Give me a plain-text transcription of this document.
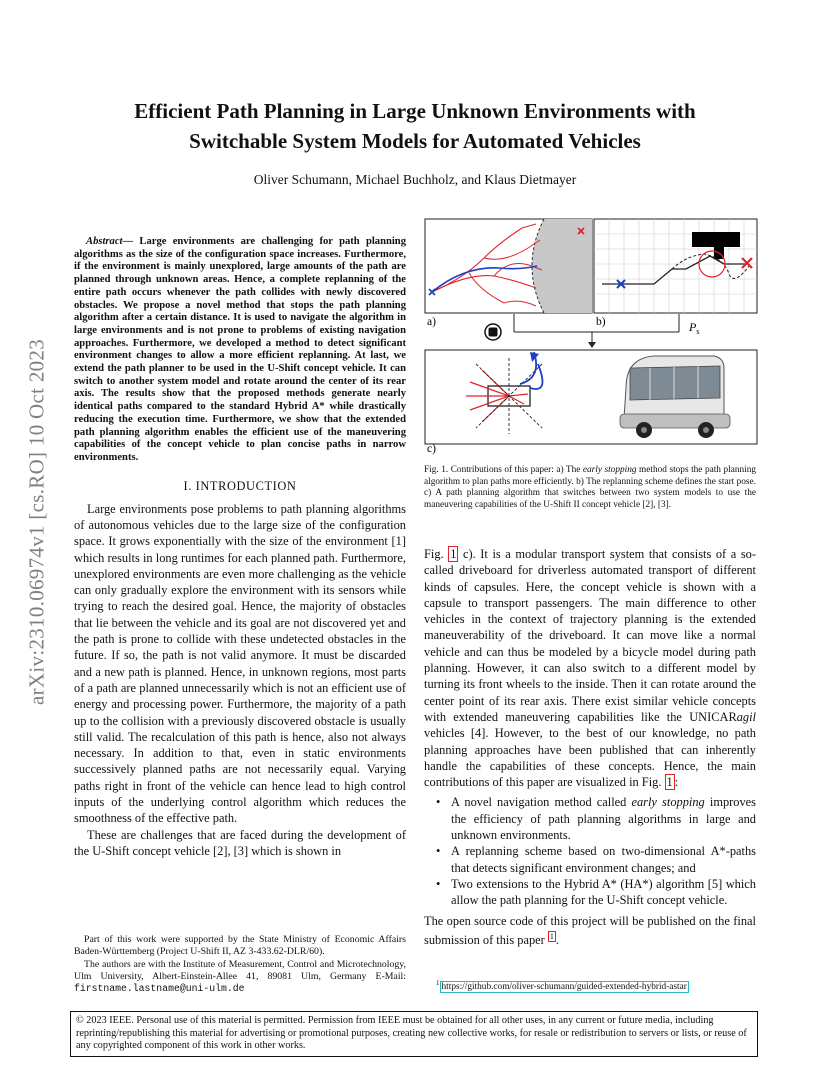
arXiv:2310.06974v1 [cs.RO] 10 Oct 2023
Efficient Path Planning in Large Unknown Environments with
Switchable System Models for Automated Vehicles
Oliver Schumann, Michael Buchholz, and Klaus Dietmayer

Abstract— Large environments are challenging for path planning algorithms as the size of the configuration space increases. Furthermore, if the environment is mainly unexplored, large amounts of the path are planned through unknown areas. Hence, a complete replanning of the entire path occurs whenever the path collides with newly discovered obstacles. We propose a novel method that stops the path planning algorithm after a certain distance. It is used to navigate the algorithm in large environments and is not prone to problems of existing navigation approaches. Furthermore, we developed a method to detect significant environment changes to allow a more efficient replanning. At last, we extend the path planner to be used in the U-Shift concept vehicle. It can switch to another system model and rotate around the center of its rear axis. The results show that the proposed methods generate nearly identical paths compared to the standard Hybrid A* while drastically reducing the execution time. Furthermore, we show that the extended path planning algorithm enables the efficient use of the maneuvering capabilities of the concept vehicle to plan concise paths in narrow environments.

I. INTRODUCTION

Large environments pose problems to path planning algorithms of autonomous vehicles due to the large size of the configuration space. It grows exponentially with the size of the environment [1] which results in long runtimes for each planned path. Furthermore, unexplored environments are even more challenging as the vehicle can only gradually explore the environment with its sensors while trying to reach the desired goal. Hence, the majority of obstacles that lie between the vehicle and its goal are not discovered yet and the path is prone to collide with these undetected obstacles in the future. If so, the path is not valid anymore. It must be discarded and a new path is planned. Hence, in unknown regions, most parts of a path are planned unnecessarily which is not an efficient use of energy and processing power. Furthermore, the majority of a path up to the collision with a previously discovered obstacle is usually still valid. The recalculation of this path is hence, also not always necessary. In addition to that, even in static environments successively planned paths are not necessarily equal. Varying paths right in front of the vehicle can hence lead to high control inputs of the underlying control algorithm which reduces the smoothness of the effective path.

These are challenges that are faced during the development of the U-Shift concept vehicle [2], [3] which is shown in

Part of this work were supported by the State Ministry of Economic Affairs Baden-Württemberg (Project U-Shift II, AZ 3-433.62-DLR/60).

The authors are with the Institute of Measurement, Control and Microtechnology, Ulm University, Albert-Einstein-Allee 41, 89081 Ulm, Germany E-Mail: firstname.lastname@uni-ulm.de

a)	b)	$P_s$
c)
Fig. 1. Contributions of this paper: a) The early stopping method stops the path planning algorithm to plan paths more efficiently. b) The replanning scheme defines the start pose. c) A path planning algorithm that switches between two system models to use the maneuvering capabilities of the U-Shift II concept vehicle [2], [3].

Fig. 1 c). It is a modular transport system that consists of a so-called driveboard for driverless automated transport of different kinds of capsules. Here, the concept vehicle is shown with a capsule to transport passengers. The main difference to other vehicles in the context of trajectory planning is the extended maneuverability of the driveboard. It can move like a normal vehicle and can thus be modeled by a bicycle model during path planning. However, it can also switch to a different model by turning its front wheels to the inside. Then it can rotate around the center point of its rear axis. There exist similar vehicle concepts with extended maneuvering capabilities like the UNICARagil vehicles [4]. However, to the best of our knowledge, no path planning approaches have been published that can inherently handle the capabilities of these concepts. Hence, the main contributions of this paper are visualized in Fig. 1 :

• A novel navigation method called early stopping improves the efficiency of path planning algorithms in large and unknown environments.
• A replanning scheme based on two-dimensional A*-paths that detects significant environment changes; and
• Two extensions to the Hybrid A* (HA*) algorithm [5] which allow the path planning for the U-Shift concept vehicle.

The open source code of this project will be published on the final submission of this paper $^1$ .

$^1$ https://github.com/oliver-schumann/guided-extended-hybrid-astar
© 2023 IEEE. Personal use of this material is permitted. Permission from IEEE must be obtained for all other uses, in any current or future media, including reprinting/republishing this material for advertising or promotional purposes, creating new collective works, for resale or redistribution to servers or lists, or reuse of any copyrighted component of this work in other works.
